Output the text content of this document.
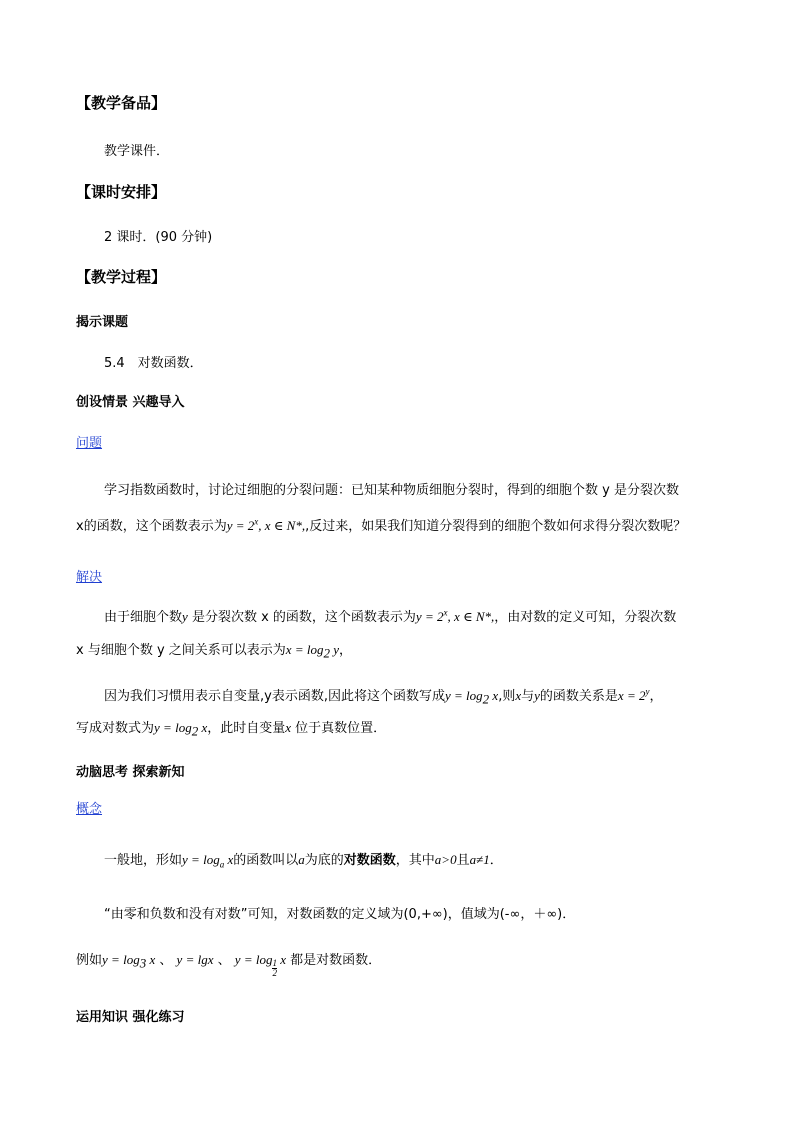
【教学备品】
教学课件．
【课时安排】
2 课时．(90 分钟)
【教学过程】
揭示课题
5.4　对数函数．
创设情景 兴趣导入
问题
学习指数函数时，讨论过细胞的分裂问题：已知某种物质细胞分裂时，得到的细胞个数 y 是分裂次数
x的函数，这个函数表示为$y = 2^x$, x ∈ N*,,反过来，如果我们知道分裂得到的细胞个数如何求得分裂次数呢？
解决
由于细胞个数y 是分裂次数 x 的函数，这个函数表示为$y = 2^x$, x ∈ N*,，由对数的定义可知，分裂次数
x 与细胞个数 y 之间关系可以表示为$x = \log_2 y$，
因为我们习惯用表示自变量,y表示函数,因此将这个函数写成$y = \log_2 x$,则x与y的函数关系是$x = 2^y$，
写成对数式为$y = \log_2 x$，此时自变量x 位于真数位置．
动脑思考 探索新知
概念
一般地，形如$y = \log_a x$的函数叫以a为底的对数函数，其中a>0且a≠1．
“由零和负数和没有对数”可知，对数函数的定义域为(0,+∞)，值域为(-∞，＋∞)．
例如$y = \log_3 x$ 、 y = lgx 、 $y = \log \frac{1}{2}$ x 都是对数函数．
运用知识 强化练习
